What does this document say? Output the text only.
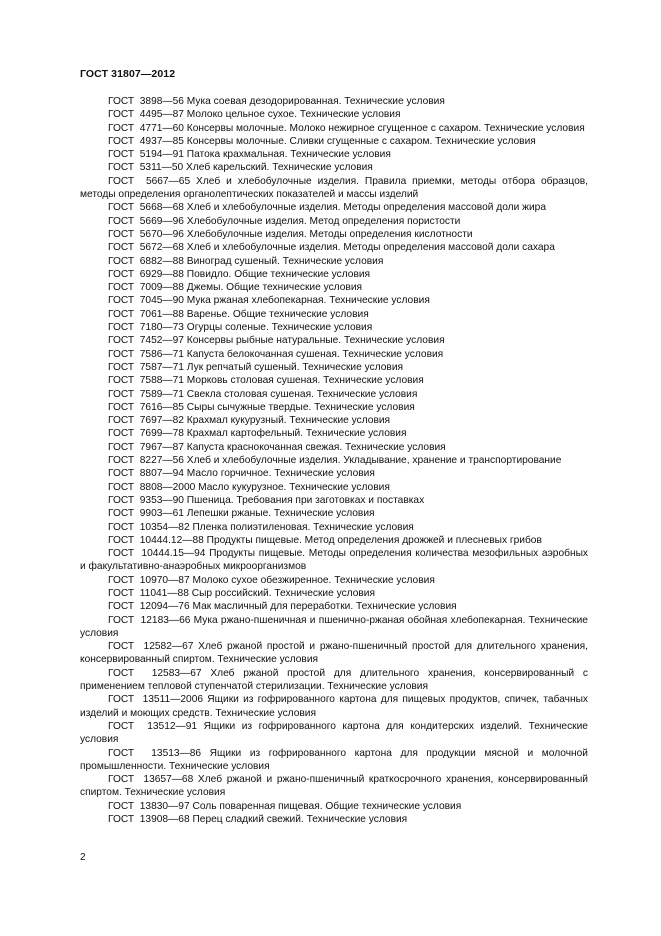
ГОСТ 31807—2012

ГОСТ  3898—56 Мука соевая дезодорированная. Технические условия

ГОСТ  4495—87 Молоко цельное сухое. Технические условия

ГОСТ  4771—60 Консервы молочные. Молоко нежирное сгущенное с сахаром. Технические условия

ГОСТ  4937—85 Консервы молочные. Сливки сгущенные с сахаром. Технические условия

ГОСТ  5194—91 Патока крахмальная. Технические условия

ГОСТ  5311—50 Хлеб карельский. Технические условия

ГОСТ  5667—65 Хлеб и хлебобулочные изделия. Правила приемки, методы отбора образцов, методы определения органолептических показателей и массы изделий

ГОСТ  5668—68 Хлеб и хлебобулочные изделия. Методы определения массовой доли жира

ГОСТ  5669—96 Хлебобулочные изделия. Метод определения пористости

ГОСТ  5670—96 Хлебобулочные изделия. Методы определения кислотности

ГОСТ  5672—68 Хлеб и хлебобулочные изделия. Методы определения массовой доли сахара

ГОСТ  6882—88 Виноград сушеный. Технические условия

ГОСТ  6929—88 Повидло. Общие технические условия

ГОСТ  7009—88 Джемы. Общие технические условия

ГОСТ  7045—90 Мука ржаная хлебопекарная. Технические условия

ГОСТ  7061—88 Варенье. Общие технические условия

ГОСТ  7180—73 Огурцы соленые. Технические условия

ГОСТ  7452—97 Консервы рыбные натуральные. Технические условия

ГОСТ  7586—71 Капуста белокочанная сушеная. Технические условия

ГОСТ  7587—71 Лук репчатый сушеный. Технические условия

ГОСТ  7588—71 Морковь столовая сушеная. Технические условия

ГОСТ  7589—71 Свекла столовая сушеная. Технические условия

ГОСТ  7616—85 Сыры сычужные твердые. Технические условия

ГОСТ  7697—82 Крахмал кукурузный. Технические условия

ГОСТ  7699—78 Крахмал картофельный. Технические условия

ГОСТ  7967—87 Капуста краснокочанная свежая. Технические условия

ГОСТ  8227—56 Хлеб и хлебобулочные изделия. Укладывание, хранение и транспортирование

ГОСТ  8807—94 Масло горчичное. Технические условия

ГОСТ  8808—2000 Масло кукурузное. Технические условия

ГОСТ  9353—90 Пшеница. Требования при заготовках и поставках

ГОСТ  9903—61 Лепешки ржаные. Технические условия

ГОСТ  10354—82 Пленка полиэтиленовая. Технические условия

ГОСТ  10444.12—88 Продукты пищевые. Метод определения дрожжей и плесневых грибов

ГОСТ  10444.15—94 Продукты пищевые. Методы определения количества мезофильных аэробных и факультативно-анаэробных микроорганизмов

ГОСТ  10970—87 Молоко сухое обезжиренное. Технические условия

ГОСТ  11041—88 Сыр российский. Технические условия

ГОСТ  12094—76 Мак масличный для переработки. Технические условия

ГОСТ  12183—66 Мука ржано-пшеничная и пшенично-ржаная обойная хлебопекарная. Технические условия

ГОСТ  12582—67 Хлеб ржаной простой и ржано-пшеничный простой для длительного хранения, консервированный спиртом. Технические условия

ГОСТ  12583—67 Хлеб ржаной простой для длительного хранения, консервированный с применением тепловой ступенчатой стерилизации. Технические условия

ГОСТ  13511—2006 Ящики из гофрированного картона для пищевых продуктов, спичек, табачных изделий и моющих средств. Технические условия

ГОСТ  13512—91 Ящики из гофрированного картона для кондитерских изделий. Технические условия

ГОСТ  13513—86 Ящики из гофрированного картона для продукции мясной и молочной промышленности. Технические условия

ГОСТ  13657—68 Хлеб ржаной и ржано-пшеничный краткосрочного хранения, консервированный спиртом. Технические условия

ГОСТ  13830—97 Соль поваренная пищевая. Общие технические условия

ГОСТ  13908—68 Перец сладкий свежий. Технические условия

2
